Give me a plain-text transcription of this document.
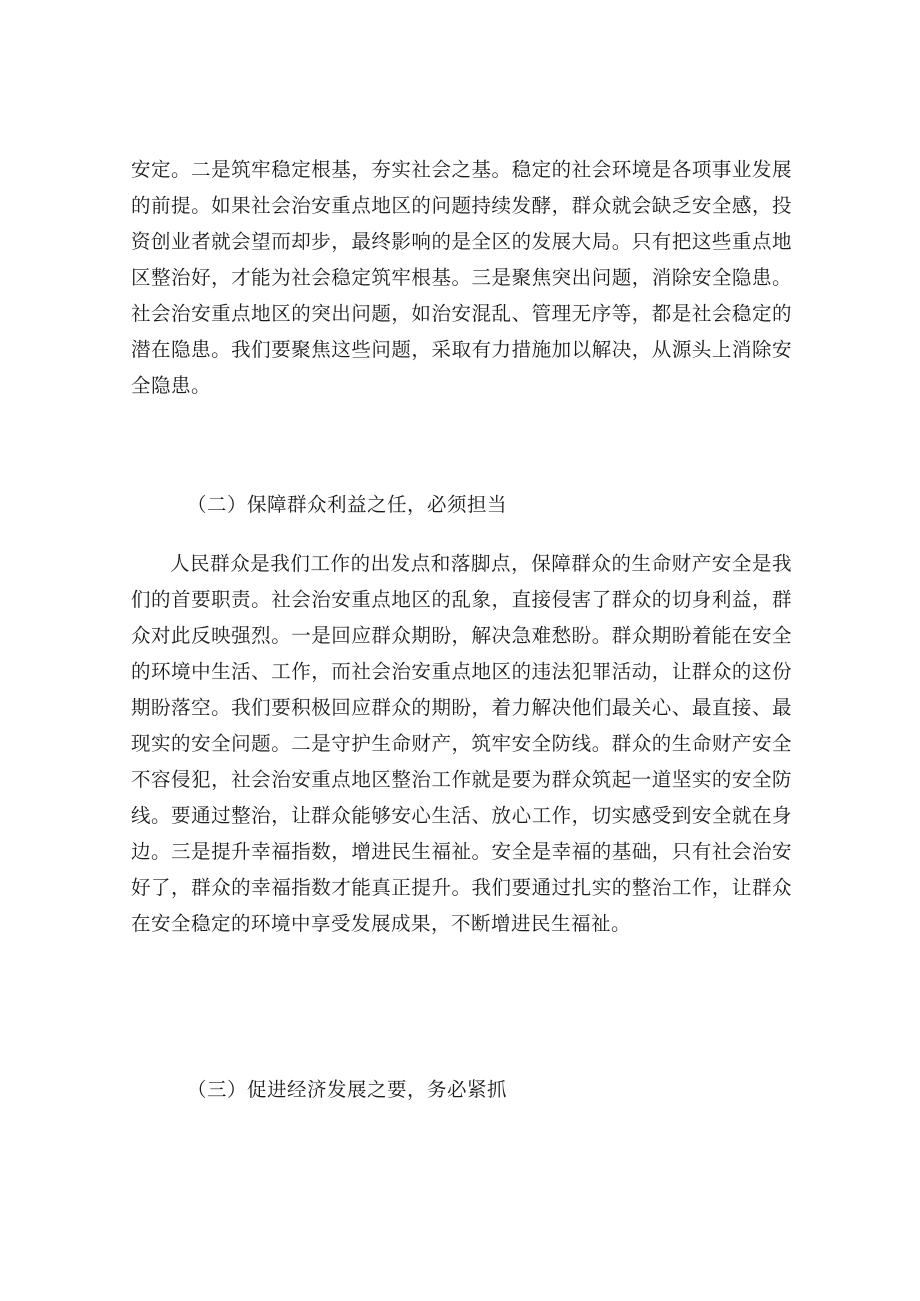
安定。二是筑牢稳定根基，夯实社会之基。稳定的社会环境是各项事业发展的前提。如果社会治安重点地区的问题持续发酵，群众就会缺乏安全感，投资创业者就会望而却步，最终影响的是全区的发展大局。只有把这些重点地区整治好，才能为社会稳定筑牢根基。三是聚焦突出问题，消除安全隐患。社会治安重点地区的突出问题，如治安混乱、管理无序等，都是社会稳定的潜在隐患。我们要聚焦这些问题，采取有力措施加以解决，从源头上消除安全隐患。

（二）保障群众利益之任，必须担当

人民群众是我们工作的出发点和落脚点，保障群众的生命财产安全是我们的首要职责。社会治安重点地区的乱象，直接侵害了群众的切身利益，群众对此反映强烈。一是回应群众期盼，解决急难愁盼。群众期盼着能在安全的环境中生活、工作，而社会治安重点地区的违法犯罪活动，让群众的这份期盼落空。我们要积极回应群众的期盼，着力解决他们最关心、最直接、最现实的安全问题。二是守护生命财产，筑牢安全防线。群众的生命财产安全不容侵犯，社会治安重点地区整治工作就是要为群众筑起一道坚实的安全防线。要通过整治，让群众能够安心生活、放心工作，切实感受到安全就在身边。三是提升幸福指数，增进民生福祉。安全是幸福的基础，只有社会治安好了，群众的幸福指数才能真正提升。我们要通过扎实的整治工作，让群众在安全稳定的环境中享受发展成果，不断增进民生福祉。

（三）促进经济发展之要，务必紧抓
